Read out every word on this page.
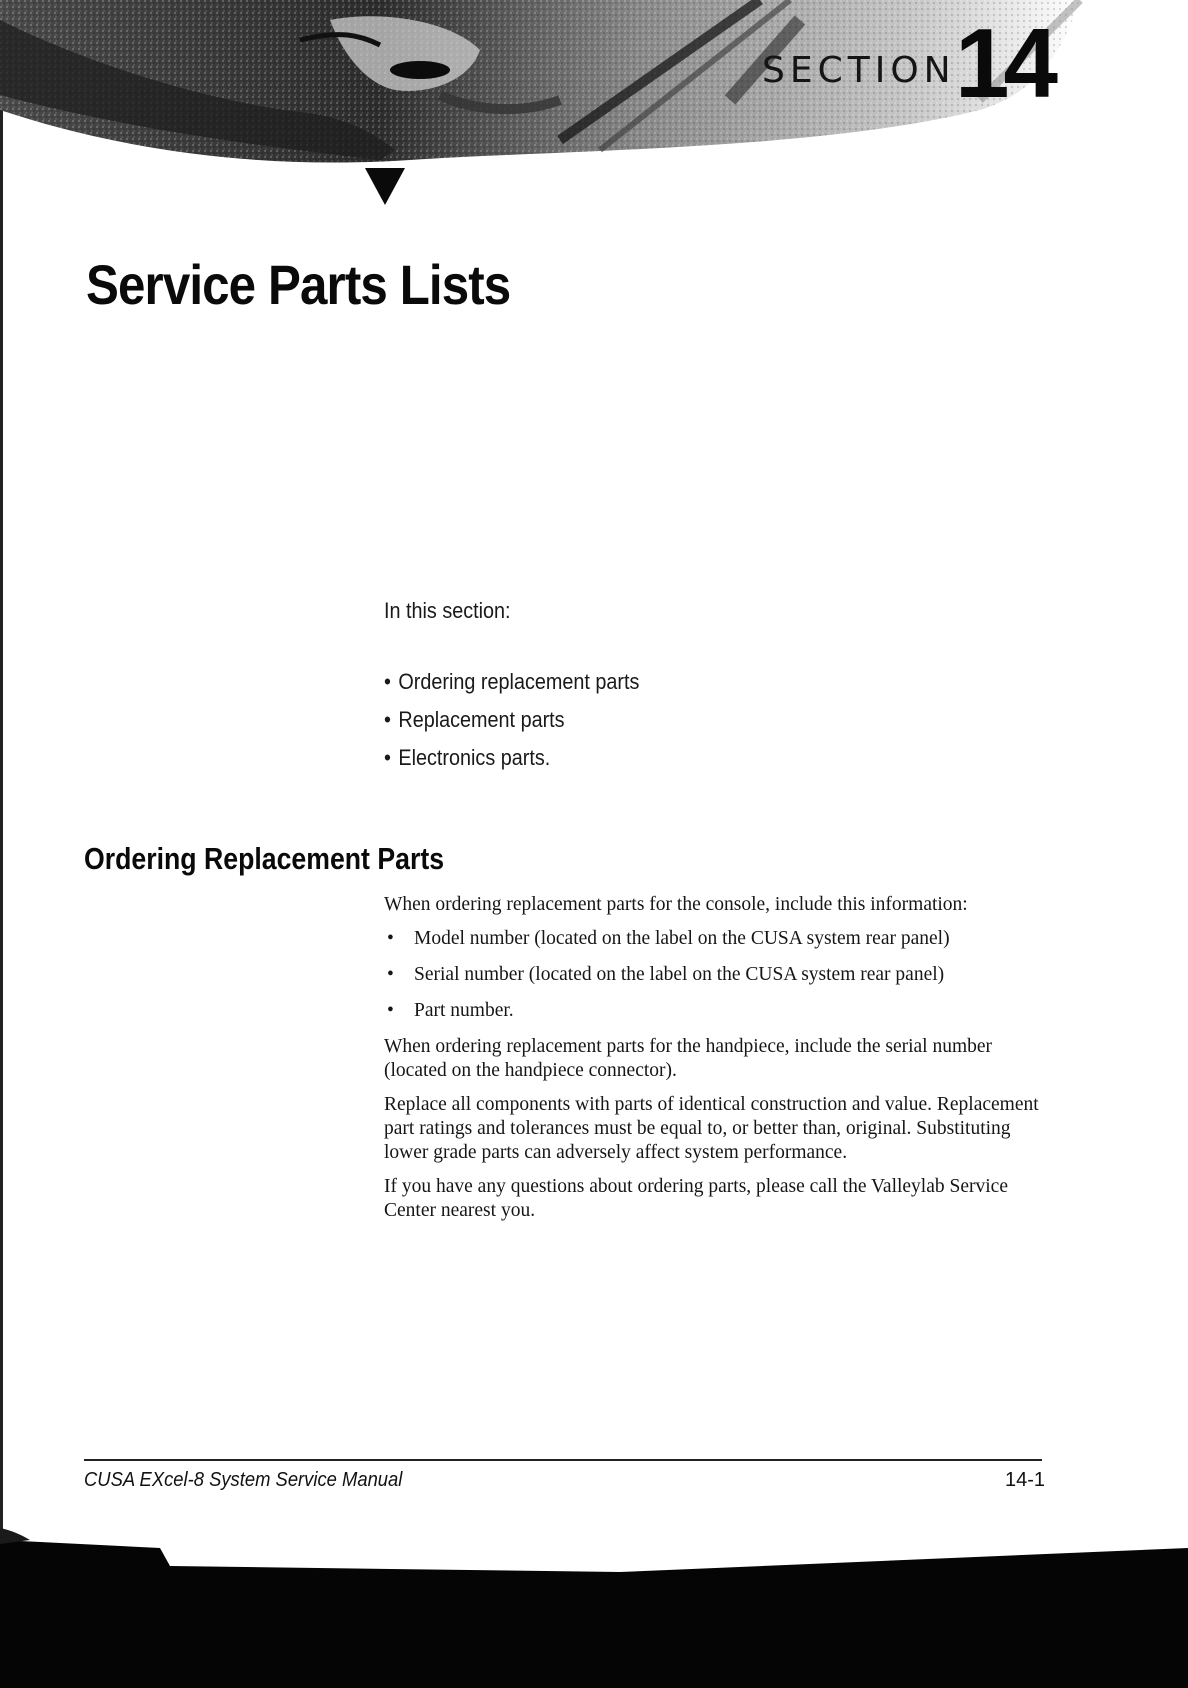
SECTION 14
Service Parts Lists
In this section:
• Ordering replacement parts
• Replacement parts
• Electronics parts.
Ordering Replacement Parts

When ordering replacement parts for the console, include this information:

• Model number (located on the label on the CUSA system rear panel)
• Serial number (located on the label on the CUSA system rear panel)
• Part number.

When ordering replacement parts for the handpiece, include the serial number (located on the handpiece connector).

Replace all components with parts of identical construction and value. Replacement part ratings and tolerances must be equal to, or better than, original. Substituting lower grade parts can adversely affect system performance.

If you have any questions about ordering parts, please call the Valleylab Service Center nearest you.

CUSA EXcel-8 System Service Manual	14-1
